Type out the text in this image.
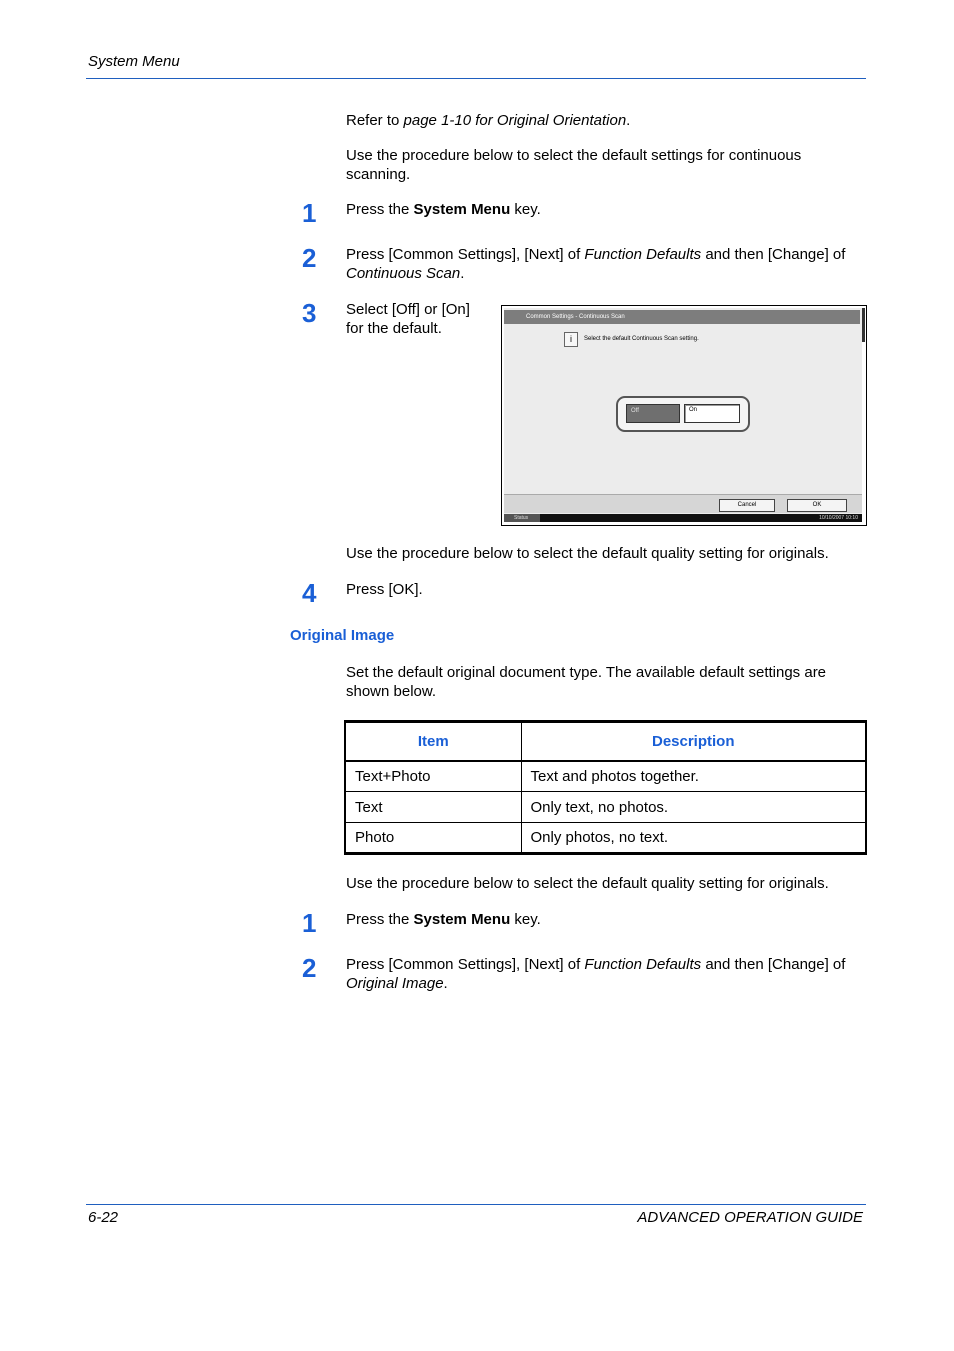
System Menu
Refer to page 1-10 for Original Orientation.
Use the procedure below to select the default settings for continuous scanning.
1 Press the System Menu key.
2 Press [Common Settings], [Next] of Function Defaults and then [Change] of Continuous Scan.
3 Select [Off] or [On] for the default.
Common Settings - Continuous Scan
i	Select the default Continuous Scan setting.
Off	On
Cancel	OK
Status	10/10/2007 10:10
Use the procedure below to select the default quality setting for originals.
4 Press [OK].
Original Image
Set the default original document type. The available default settings are shown below.
Item	Description
Text+Photo	Text and photos together.
Text	Only text, no photos.
Photo	Only photos, no text.
Use the procedure below to select the default quality setting for originals.
1 Press the System Menu key.
2 Press [Common Settings], [Next] of Function Defaults and then [Change] of Original Image.
6-22	ADVANCED OPERATION GUIDE
